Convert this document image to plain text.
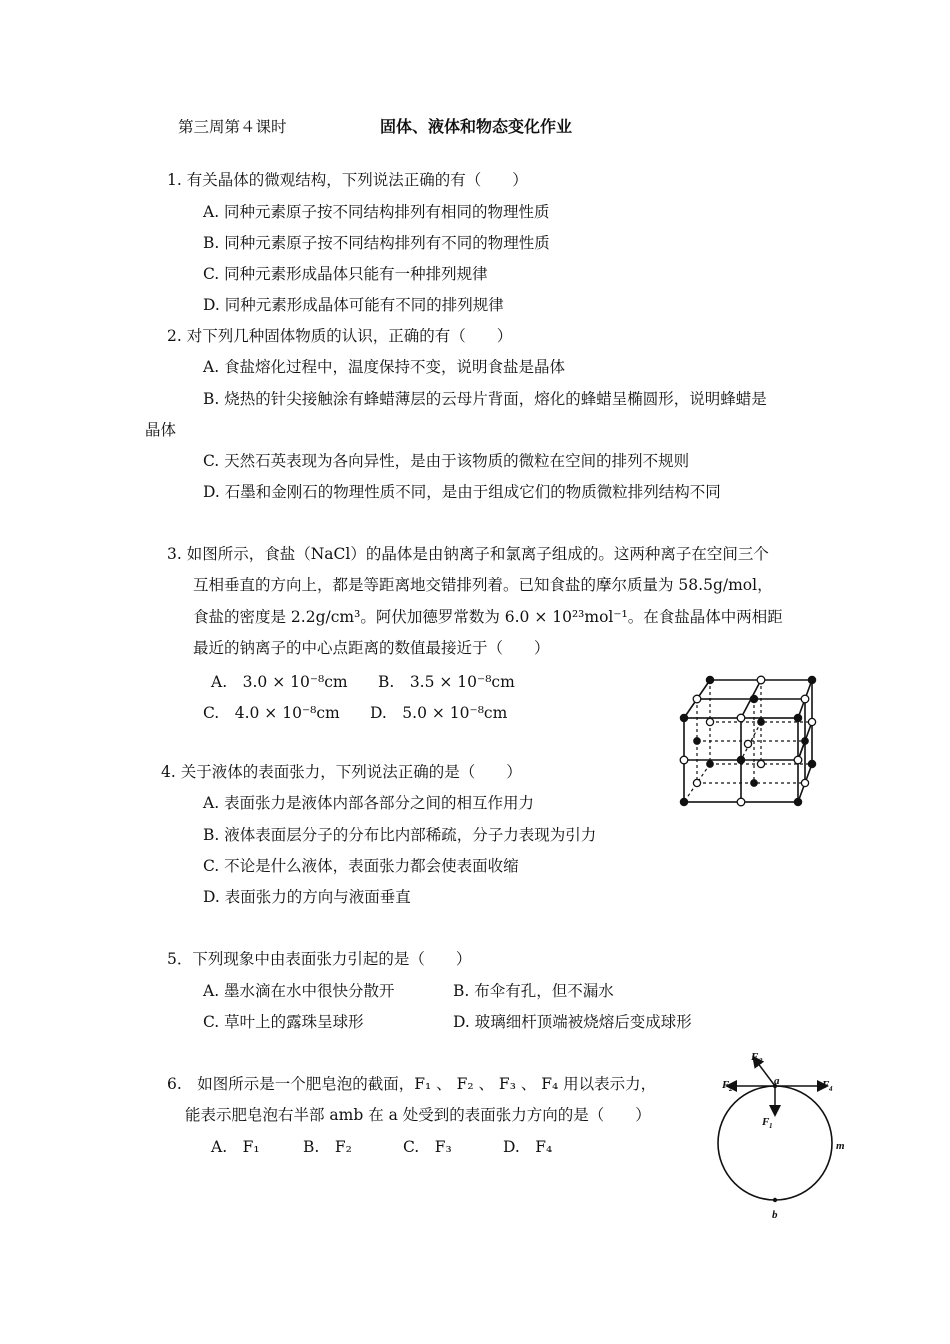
第三周第４课时	固体、液体和物态变化作业
1. 有关晶体的微观结构，下列说法正确的有（　　）
A. 同种元素原子按不同结构排列有相同的物理性质
B. 同种元素原子按不同结构排列有不同的物理性质
C. 同种元素形成晶体只能有一种排列规律
D. 同种元素形成晶体可能有不同的排列规律
2. 对下列几种固体物质的认识，正确的有（　　）
A. 食盐熔化过程中，温度保持不变，说明食盐是晶体
B. 烧热的针尖接触涂有蜂蜡薄层的云母片背面，熔化的蜂蜡呈椭圆形，说明蜂蜡是
晶体
C. 天然石英表现为各向异性，是由于该物质的微粒在空间的排列不规则
D. 石墨和金刚石的物理性质不同，是由于组成它们的物质微粒排列结构不同
3. 如图所示，食盐（NaCl）的晶体是由钠离子和氯离子组成的。这两种离子在空间三个
互相垂直的方向上，都是等距离地交错排列着。已知食盐的摩尔质量为 58.5g/mol，
食盐的密度是 2.2g/cm³。阿伏加德罗常数为 6.0 × 10²³mol⁻¹。在食盐晶体中两相距
最近的钠离子的中心点距离的数值最接近于（　　）
A.　3.0 × 10⁻⁸cm B.　3.5 × 10⁻⁸cm
C.　4.0 × 10⁻⁸cm D.　5.0 × 10⁻⁸cm
4. 关于液体的表面张力，下列说法正确的是（　　）
A. 表面张力是液体内部各部分之间的相互作用力
B. 液体表面层分子的分布比内部稀疏，分子力表现为引力
C. 不论是什么液体，表面张力都会使表面收缩
D. 表面张力的方向与液面垂直
5．下列现象中由表面张力引起的是（　　）
A. 墨水滴在水中很快分散开	B. 布伞有孔，但不漏水
C. 草叶上的露珠呈球形	D. 玻璃细杆顶端被烧熔后变成球形
6.　如图所示是一个肥皂泡的截面，F₁ 、 F₂ 、 F₃ 、 F₄ 用以表示力，
能表示肥皂泡右半部 amb 在 a 处受到的表面张力方向的是（　　）
A.　F₁	B.　F₂	C.　F₃	D.　F₄
F 3
F 2	F 4
F 1
a
m
b
